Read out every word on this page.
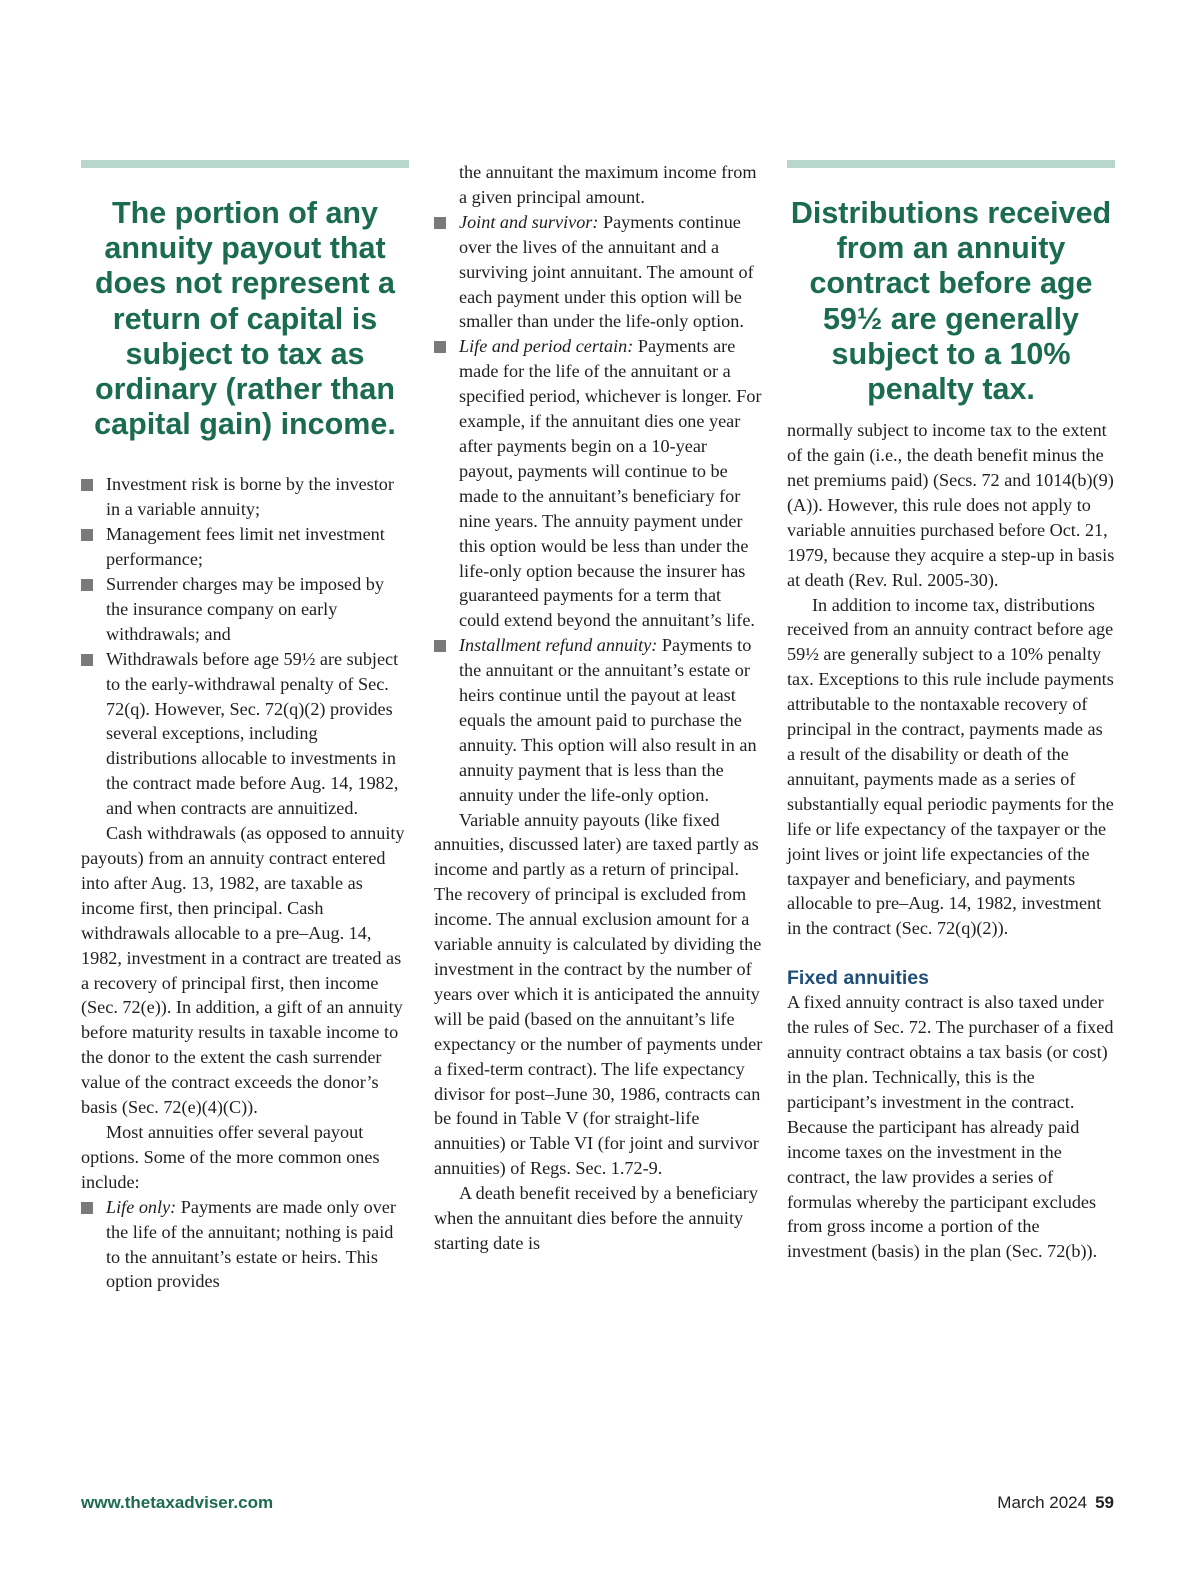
The portion of any annuity payout that does not represent a return of capital is subject to tax as ordinary (rather than capital gain) income.
Investment risk is borne by the investor in a variable annuity;
Management fees limit net investment performance;
Surrender charges may be imposed by the insurance company on early withdrawals; and
Withdrawals before age 59½ are subject to the early-withdrawal penalty of Sec. 72(q). However, Sec. 72(q)(2) provides several exceptions, including distributions allocable to investments in the contract made before Aug. 14, 1982, and when contracts are annuitized.

Cash withdrawals (as opposed to annuity payouts) from an annuity contract entered into after Aug. 13, 1982, are taxable as income first, then principal. Cash withdrawals allocable to a pre–Aug. 14, 1982, investment in a contract are treated as a recovery of principal first, then income (Sec. 72(e)). In addition, a gift of an annuity before maturity results in taxable income to the donor to the extent the cash surrender value of the contract exceeds the donor’s basis (Sec. 72(e)(4)(C)).

Most annuities offer several payout options. Some of the more common ones include:

Life only: Payments are made only over the life of the annuitant; nothing is paid to the annuitant’s estate or heirs. This option provides

the annuitant the maximum income from a given principal amount.

Joint and survivor: Payments continue over the lives of the annuitant and a surviving joint annuitant. The amount of each payment under this option will be smaller than under the life-only option.
Life and period certain: Payments are made for the life of the annuitant or a specified period, whichever is longer. For example, if the annuitant dies one year after payments begin on a 10-year payout, payments will continue to be made to the annuitant’s beneficiary for nine years. The annuity payment under this option would be less than under the life-only option because the insurer has guaranteed payments for a term that could extend beyond the annuitant’s life.
Installment refund annuity: Payments to the annuitant or the annuitant’s estate or heirs continue until the payout at least equals the amount paid to purchase the annuity. This option will also result in an annuity payment that is less than the annuity under the life-only option.

Variable annuity payouts (like fixed annuities, discussed later) are taxed partly as income and partly as a return of principal. The recovery of principal is excluded from income. The annual exclusion amount for a variable annuity is calculated by dividing the investment in the contract by the number of years over which it is anticipated the annuity will be paid (based on the annuitant’s life expectancy or the number of payments under a fixed-term contract). The life expectancy divisor for post–June 30, 1986, contracts can be found in Table V (for straight-life annuities) or Table VI (for joint and survivor annuities) of Regs. Sec. 1.72-9.

A death benefit received by a beneficiary when the annuitant dies before the annuity starting date is

Distributions received from an annuity contract before age 59½ are generally subject to a 10% penalty tax.

normally subject to income tax to the extent of the gain (i.e., the death benefit minus the net premiums paid) (Secs. 72 and 1014(b)(9)(A)). However, this rule does not apply to variable annuities purchased before Oct. 21, 1979, because they acquire a step-up in basis at death (Rev. Rul. 2005-30).

In addition to income tax, distributions received from an annuity contract before age 59½ are generally subject to a 10% penalty tax. Exceptions to this rule include payments attributable to the nontaxable recovery of principal in the contract, payments made as a result of the disability or death of the annuitant, payments made as a series of substantially equal periodic payments for the life or life expectancy of the taxpayer or the joint lives or joint life expectancies of the taxpayer and beneficiary, and payments allocable to pre–Aug. 14, 1982, investment in the contract (Sec. 72(q)(2)).

Fixed annuities

A fixed annuity contract is also taxed under the rules of Sec. 72. The purchaser of a fixed annuity contract obtains a tax basis (or cost) in the plan. Technically, this is the participant’s investment in the contract. Because the participant has already paid income taxes on the investment in the contract, the law provides a series of formulas whereby the participant excludes from gross income a portion of the investment (basis) in the plan (Sec. 72(b)).

www.thetaxadviser.com	March 2024 59
